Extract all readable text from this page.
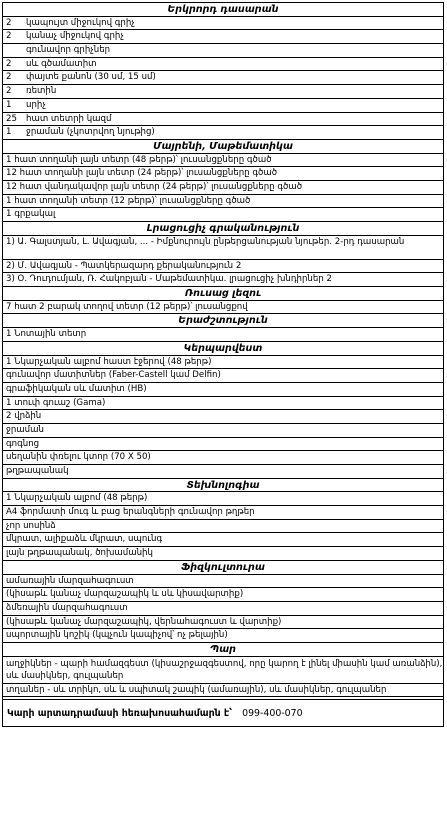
Երկրորդ դասարան
2	կապույտ միջուկով գրիչ
2	կանաչ միջուկով գրիչ
գունավոր գրիչներ
2	սև գծամատիտ
2	փայտե քանոն (30 սմ, 15 սմ)
2	ռետին
1	սրիչ
25	հատ տետրի կազմ
1	ջրաման (չկոտրվող նյութից)
Մայրենի, Մաթեմատիկա
1 հատ տողանի լայն տետր (48 թերթ)՝ լուսանցքները գծած
12 հատ տողանի լայն տետր (24 թերթ)՝ լուսանցքները գծած
12 հատ վանդակավոր լայն տետր (24 թերթ)՝ լուսանցքները գծած
1 հատ տողանի տետր (12 թերթ)՝ լուսանցքները գծած
1 գրքակալ
Լրացուցիչ գրականություն
1) Ա. Գալստյան, Լ. Ավագյան, ... - Իմքնուրույն ընթերցանության նյութեր. 2-րդ դասարան
2) Մ. Ավագյան - Պատկերազարդ քերականություն 2
3) Օ. Դուդումյան, Ռ. Հակոբյան - Մաթեմատիկա. լրացուցիչ խնդիրներ 2
Ռուսաց լեզու
7 հատ 2 բարակ տողով տետր (12 թերթ)՝ լուսանցքով
Երաժշտություն
1 Նոտային տետր
Կերպարվեստ
1 Նկարչական ալբոմ հաստ էջերով (48 թերթ)
գունավոր մատիտներ (Faber-Castell կամ Delfin)
գրաֆիկական սև մատիտ (HB)
1 տուփ գուաշ (Gama)
2 վրձին
ջրաման
գոգնոց
սեղանին փռելու կտոր (70 X 50)
թղթապանակ
Տեխնոլոգիա
1 Նկարչական ալբոմ (48 թերթ)
A4 ֆորմատի մուգ և բաց երանգների գունավոր թղթեր
չոր սոսինձ
մկրատ, ալիքաձև մկրատ, սպունգ
լայն թղթապանակ, ծոխամանիկ
Ֆիզկուլտուրա
ամառային մարզահագուստ
(կիսաթև կանաչ մարզաշապիկ և սև կիսավարտիք)
ձմեռային մարզահագուստ
(կիսաթև կանաչ մարզաշապիկ, վերնահագուստ և վարտիք)
սպորտային կոշիկ (կպչուն կապիչով՝ ոչ թելային)
Պար
աղջիկներ - պարի համազգեստ (կիսաշրջազգեստով, որը կարող է լինել միասին կամ առանձին), սև մասիկներ, գուլպաներ
տղաներ - սև տրիկո, սև և սպիտակ շապիկ (ամառային), սև մասիկներ, գուլպաներ
Կարի արտադրամասի հեռախոսահամարն է՝ 099-400-070
